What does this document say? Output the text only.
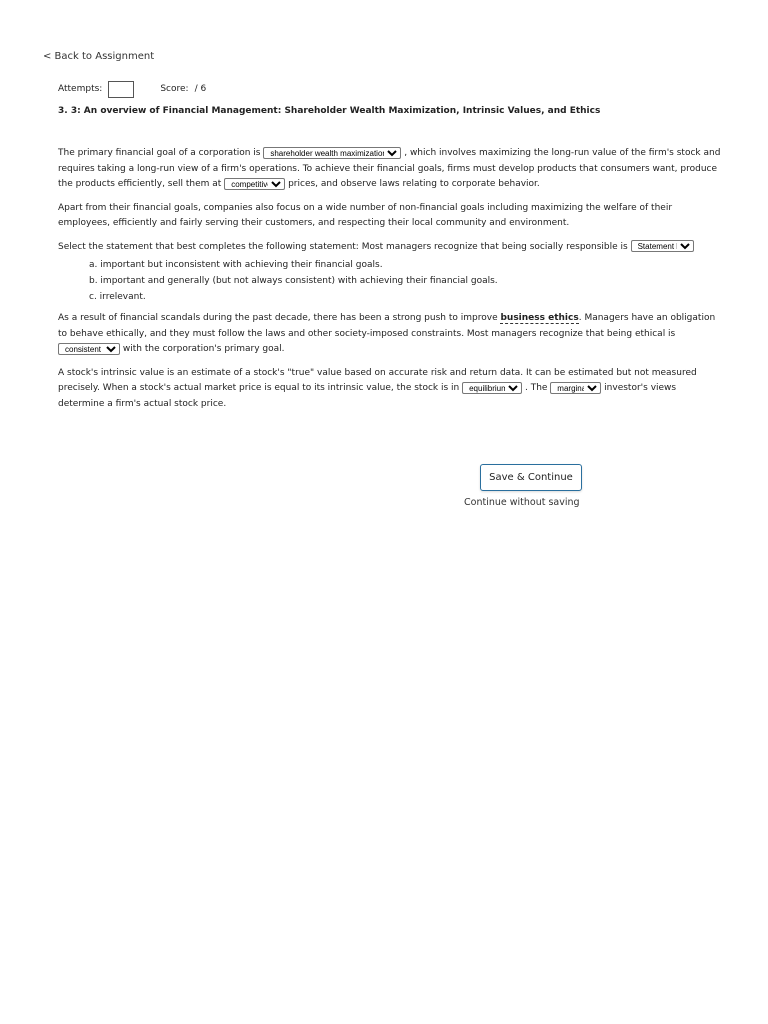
< Back to Assignment
Attempts:	Score: / 6
3. 3: An overview of Financial Management: Shareholder Wealth Maximization, Intrinsic Values, and Ethics

The primary financial goal of a corporation is
shareholder wealth maximization	, which involves maximizing the long-run value of the firm's stock and requires taking a long-run view of a firm's operations. To achieve their financial goals, firms must develop products that consumers want, produce the products efficiently, sell them at
competitive	prices, and observe laws relating to corporate behavior.

Apart from their financial goals, companies also focus on a wide number of non-financial goals including maximizing the welfare of their employees, efficiently and fairly serving their customers, and respecting their local community and environment.

Select the statement that best completes the following statement: Most managers recognize that being socially responsible is
Statement b

a. important but inconsistent with achieving their financial goals.
b. important and generally (but not always consistent) with achieving their financial goals.
c. irrelevant.

As a result of financial scandals during the past decade, there has been a strong push to improve business ethics. Managers have an obligation to behave ethically, and they must follow the laws and other society-imposed constraints. Most managers recognize that being ethical is
consistent with the corporation's primary goal.

A stock's intrinsic value is an estimate of a stock's "true" value based on accurate risk and return data. It can be estimated but not measured precisely. When a stock's actual market price is equal to its intrinsic value, the stock is in
equilibrium	. The
marginal	investor's views determine a firm's actual stock price.

Save & Continue
Continue without saving
